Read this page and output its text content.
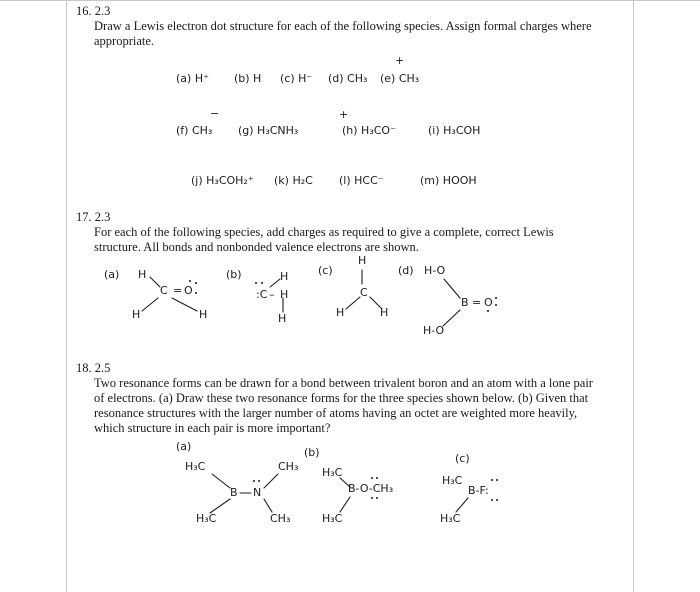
16. 2.3
Draw a Lewis electron dot structure for each of the following species. Assign formal charges where
appropriate.
(a) H⁺ (b) H (c) H⁻ (d) CH₃
+
(e) CH₃
(f) CH₃
−
(g) H₃CNH₃
+
(h) H₃CO⁻	(i) H₃COH
(j) H₃COH₂⁺ (k) H₂C (l) HCC⁻	(m) HOOH
17. 2.3
For each of the following species, add charges as required to give a complete, correct Lewis
structure. All bonds and nonbonded valence electrons are shown.
(a) H
C = O
H	H
(b)
:C –
H
H
H
(c)
H
C
H	H
(d) H-O
B = O
H-O
18. 2.5
Two resonance forms can be drawn for a bond between trivalent boron and an atom with a lone pair
of electrons. (a) Draw these two resonance forms for the three species shown below. (b) Given that
resonance structures with the larger number of atoms having an octet are weighted more heavily,
which structure in each pair is more important?
(a)
H₃C
B N
CH₃
H₃C	CH₃
(b)
H₃C
B-O-CH₃
H₃C
(c)
H₃C
B-F:
H₃C
